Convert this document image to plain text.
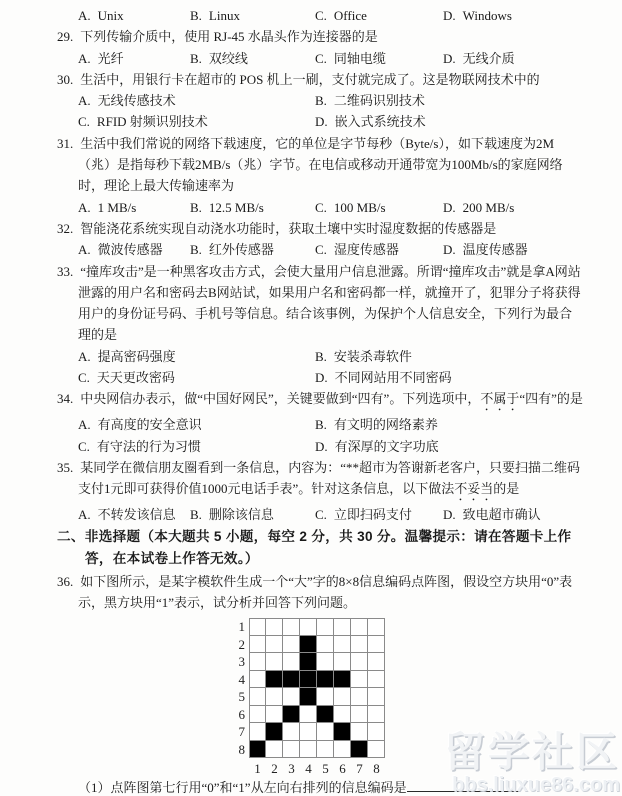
A. Unix	B. Linux	C. Office	D. Windows
29. 下列传输介质中，使用 RJ-45 水晶头作为连接器的是
A. 光纤	B. 双绞线	C. 同轴电缆	D. 无线介质
30. 生活中，用银行卡在超市的 POS 机上一刷，支付就完成了。这是物联网技术中的
A. 无线传感技术	B. 二维码识别技术
C. RFID 射频识别技术	D. 嵌入式系统技术
31. 生活中我们常说的网络下载速度，它的单位是字节每秒（Byte/s），如下载速度为2M（兆）是指每秒下载2MB/s（兆）字节。在电信或移动开通带宽为100Mb/s的家庭网络时，理论上最大传输速率为
A. 1 MB/s	B. 12.5 MB/s	C. 100 MB/s	D. 200 MB/s
32. 智能浇花系统实现自动浇水功能时，获取土壤中实时湿度数据的传感器是
A. 微波传感器	B. 红外传感器	C. 湿度传感器	D. 温度传感器
33. “撞库攻击”是一种黑客攻击方式，会使大量用户信息泄露。所谓“撞库攻击”就是拿A网站泄露的用户名和密码去B网站试，如果用户名和密码都一样，就撞开了，犯罪分子将获得用户的身份证号码、手机号等信息。结合该事例，为保护个人信息安全，下列行为最合理的是
A. 提高密码强度	B. 安装杀毒软件
C. 天天更改密码	D. 不同网站用不同密码
34. 中央网信办表示，做“中国好网民”，关键要做到“四有”。下列选项中，不属于“四有”的是
A. 有高度的安全意识	B. 有文明的网络素养
C. 有守法的行为习惯	D. 有深厚的文字功底
35. 某同学在微信朋友圈看到一条信息，内容为：“**超市为答谢新老客户，只要扫描二维码支付1元即可获得价值1000元电话手表”。针对这条信息，以下做法不妥当的是
A. 不转发该信息	B. 删除该信息	C. 立即扫码支付	D. 致电超市确认
二、非选择题（本大题共 5 小题，每空 2 分，共 30 分。温馨提示：请在答题卡上作答，在本试卷上作答无效。）
36. 如下图所示，是某字模软件生成一个“大”字的8×8信息编码点阵图，假设空方块用“0”表示，黑方块用“1”表示，试分析并回答下列问题。
1
2
3
4
5
6
7
8
1 2 3 4 5 6 7 8
（1）点阵图第七行用“0”和“1”从左向右排列的信息编码是
留学社区
bbs.liuxue86.com
